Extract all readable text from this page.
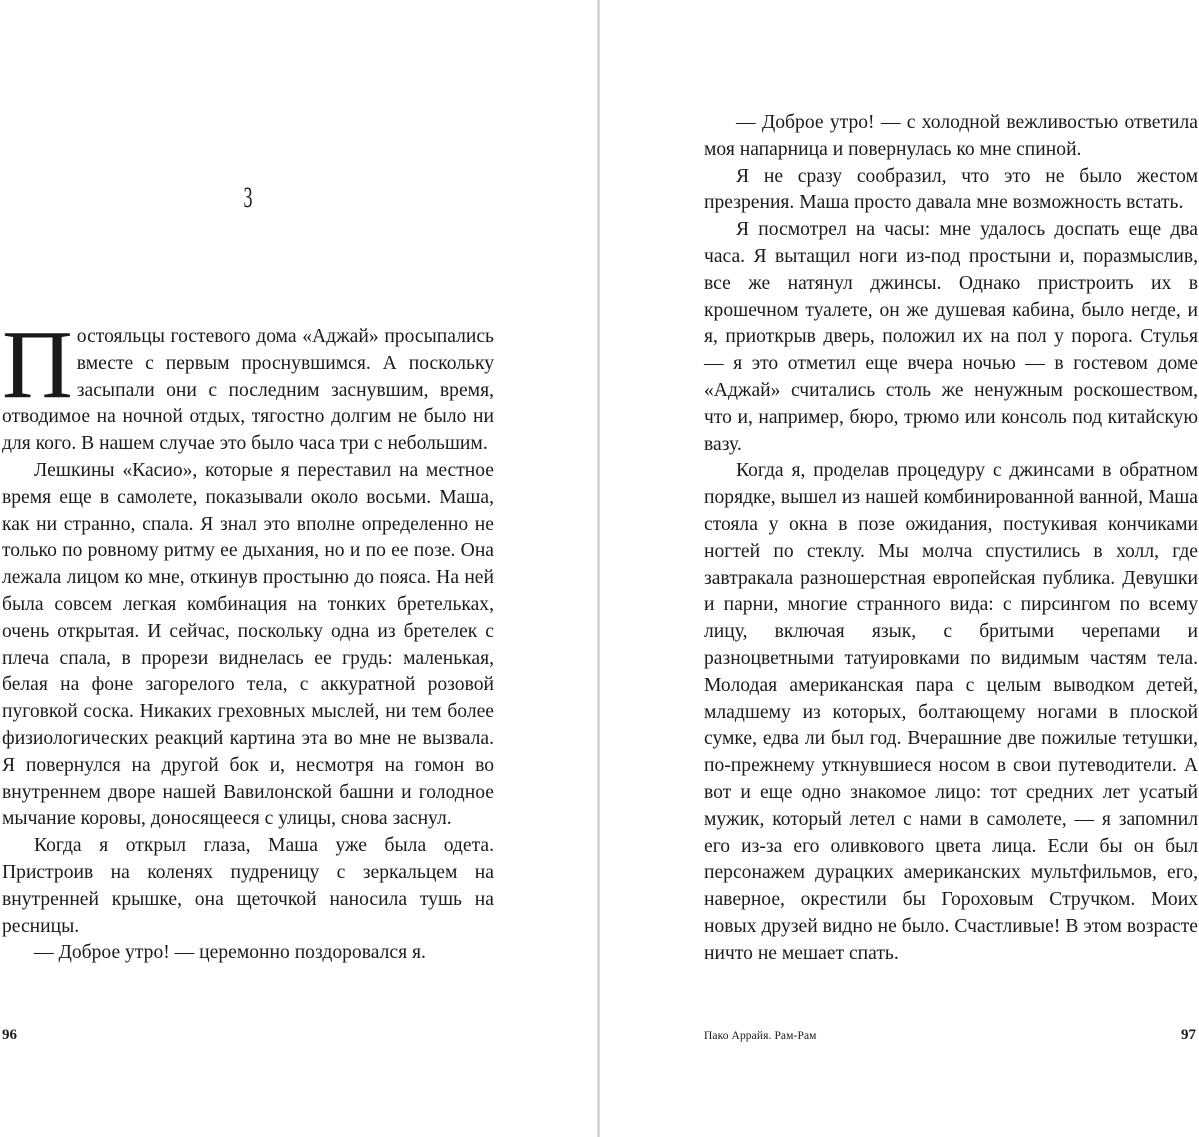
3

Постояльцы гостевого дома «Аджай» просыпались вместе с первым проснувшимся. А поскольку засыпали они с последним заснувшим, время, отводимое на ночной отдых, тягостно долгим не было ни для кого. В нашем случае это было часа три с небольшим.

Лешкины «Касио», которые я переставил на местное время еще в самолете, показывали около восьми. Маша, как ни странно, спала. Я знал это вполне определенно не только по ровному ритму ее дыхания, но и по ее позе. Она лежала лицом ко мне, откинув простыню до пояса. На ней была совсем легкая комбинация на тонких бретельках, очень открытая. И сейчас, поскольку одна из бретелек с плеча спала, в прорези виднелась ее грудь: маленькая, белая на фоне загорелого тела, с аккуратной розовой пуговкой соска. Никаких греховных мыслей, ни тем более физиологических реакций картина эта во мне не вызвала. Я повернулся на другой бок и, несмотря на гомон во внутреннем дворе нашей Вавилонской башни и голодное мычание коровы, доносящееся с улицы, снова заснул.

Когда я открыл глаза, Маша уже была одета. Пристроив на коленях пудреницу с зеркальцем на внутренней крышке, она щеточкой наносила тушь на ресницы.

— Доброе утро! — церемонно поздоровался я.

96

— Доброе утро! — с холодной вежливостью ответила моя напарница и повернулась ко мне спиной.

Я не сразу сообразил, что это не было жестом презрения. Маша просто давала мне возможность встать.

Я посмотрел на часы: мне удалось доспать еще два часа. Я вытащил ноги из-под простыни и, поразмыслив, все же натянул джинсы. Однако пристроить их в крошечном туалете, он же душевая кабина, было негде, и я, приоткрыв дверь, положил их на пол у порога. Стулья — я это отметил еще вчера ночью — в гостевом доме «Аджай» считались столь же ненужным роскошеством, что и, например, бюро, трюмо или консоль под китайскую вазу.

Когда я, проделав процедуру с джинсами в обратном порядке, вышел из нашей комбинированной ванной, Маша стояла у окна в позе ожидания, постукивая кончиками ногтей по стеклу. Мы молча спустились в холл, где завтракала разношерстная европейская публика. Девушки и парни, многие странного вида: с пирсингом по всему лицу, включая язык, с бритыми черепами и разноцветными татуировками по видимым частям тела. Молодая американская пара с целым выводком детей, младшему из которых, болтающему ногами в плоской сумке, едва ли был год. Вчерашние две пожилые тетушки, по-прежнему уткнувшиеся носом в свои путеводители. А вот и еще одно знакомое лицо: тот средних лет усатый мужик, который летел с нами в самолете, — я запомнил его из-за его оливкового цвета лица. Если бы он был персонажем дурацких американских мультфильмов, его, наверное, окрестили бы Гороховым Стручком. Моих новых друзей видно не было. Счастливые! В этом возрасте ничто не мешает спать.

Пако Аррайя. Рам-Рам	97
